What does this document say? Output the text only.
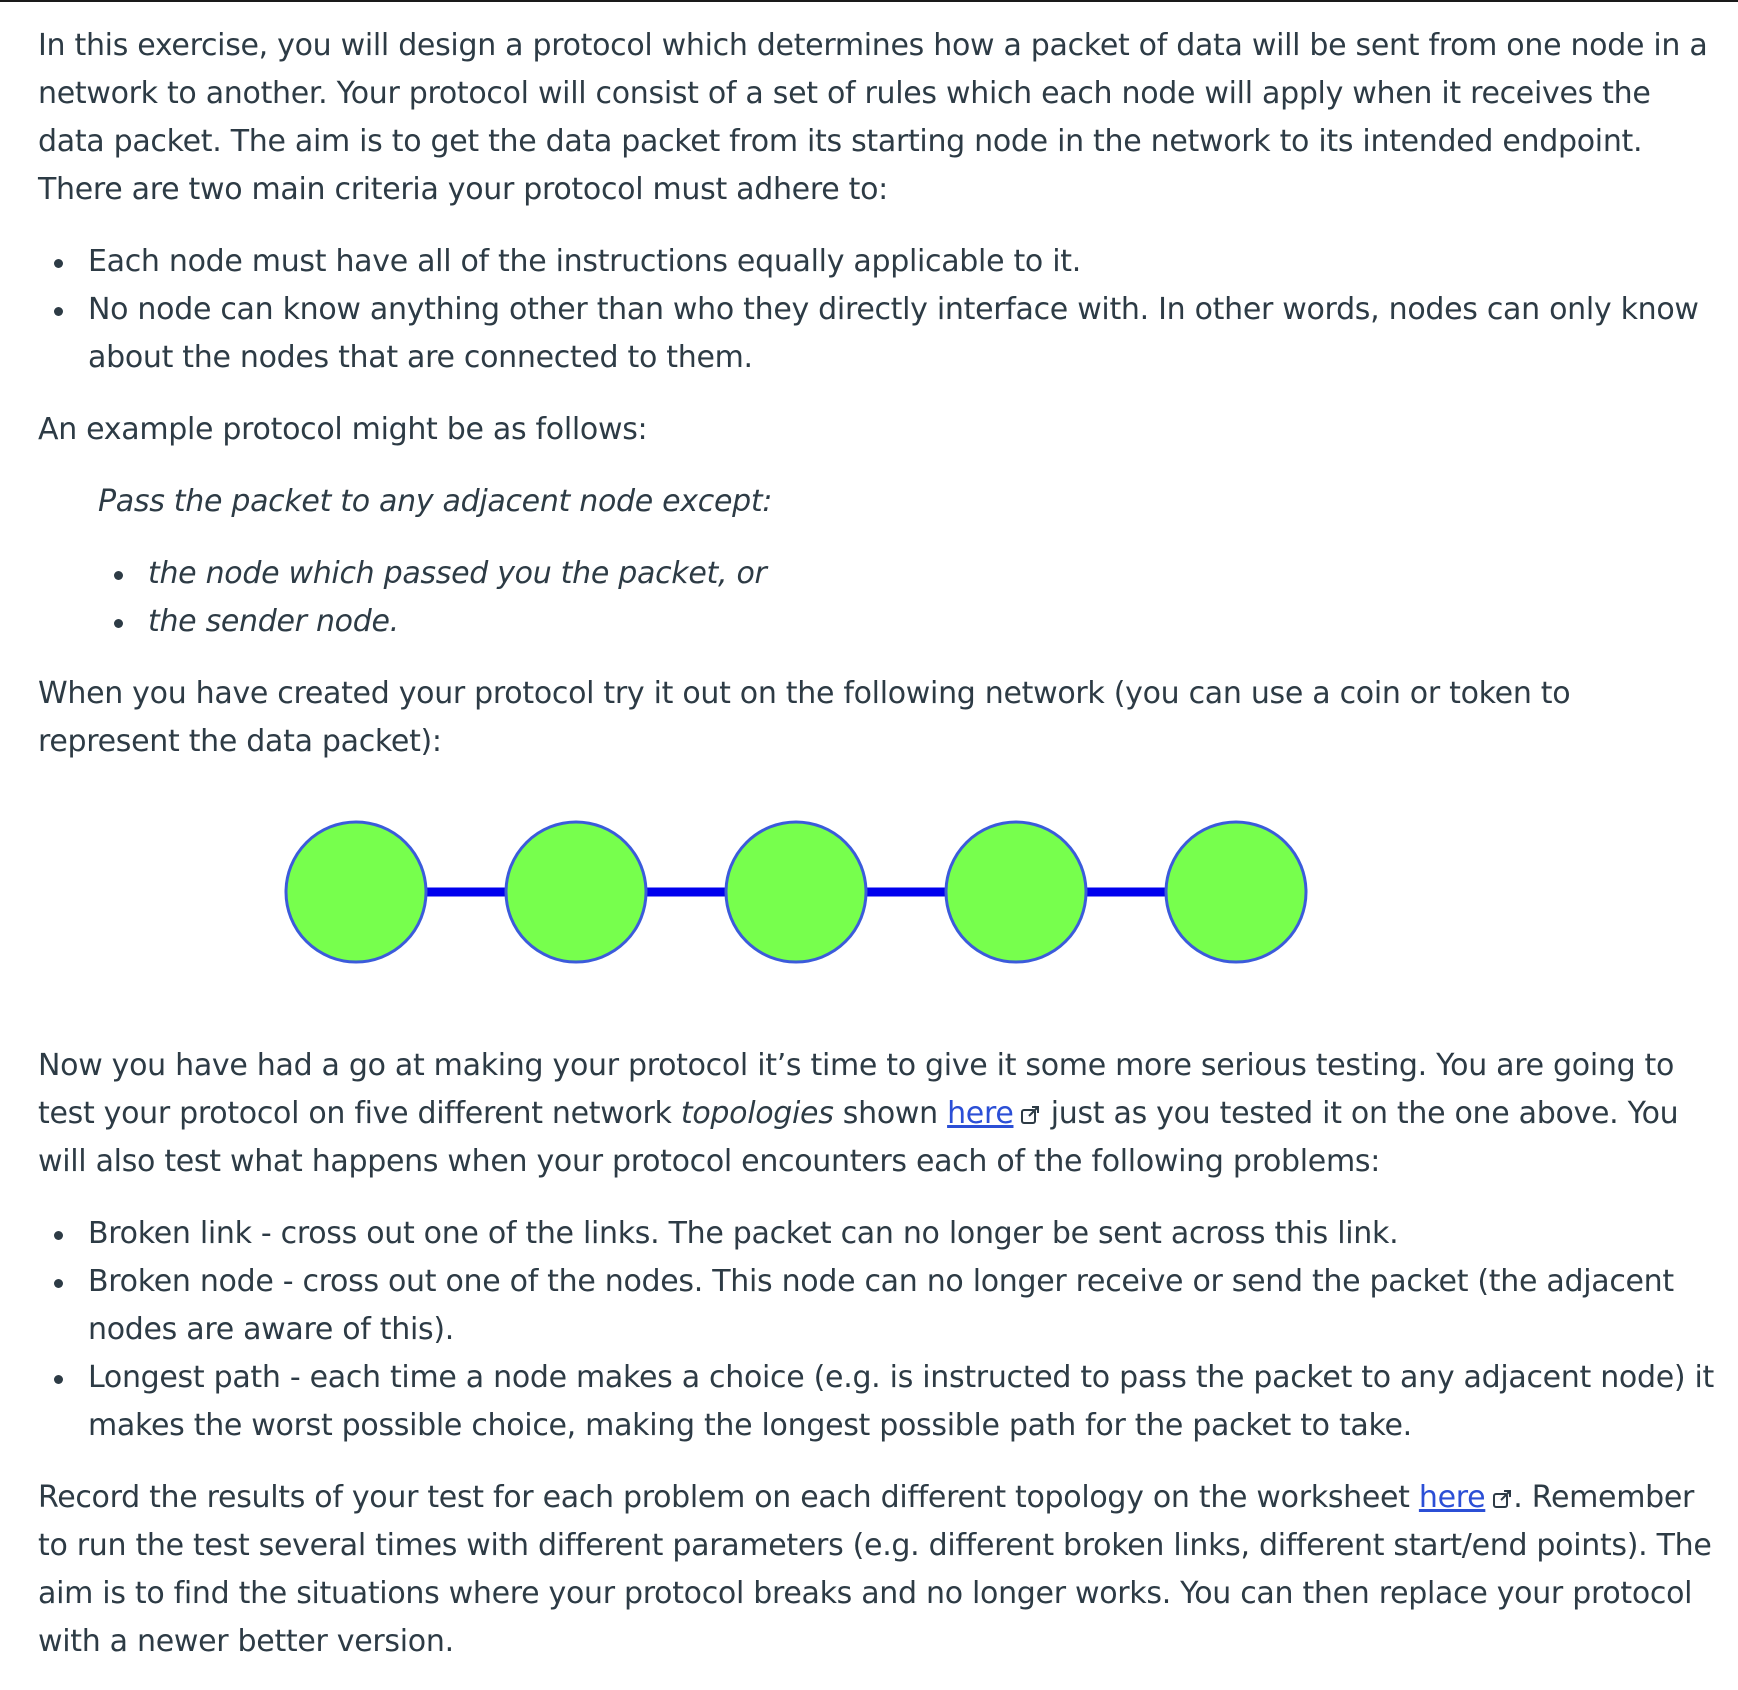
In this exercise, you will design a protocol which determines how a packet of data will be sent from one node in a network to another. Your protocol will consist of a set of rules which each node will apply when it receives the data packet. The aim is to get the data packet from its starting node in the network to its intended endpoint. There are two main criteria your protocol must adhere to:

Each node must have all of the instructions equally applicable to it.
No node can know anything other than who they directly interface with. In other words, nodes can only know about the nodes that are connected to them.

An example protocol might be as follows:

Pass the packet to any adjacent node except:

the node which passed you the packet, or
the sender node.

When you have created your protocol try it out on the following network (you can use a coin or token to represent the data packet):

Now you have had a go at making your protocol it’s time to give it some more serious testing. You are going to test your protocol on five different network topologies shown here just as you tested it on the one above. You will also test what happens when your protocol encounters each of the following problems:

Broken link - cross out one of the links. The packet can no longer be sent across this link.
Broken node - cross out one of the nodes. This node can no longer receive or send the packet (the adjacent nodes are aware of this).
Longest path - each time a node makes a choice (e.g. is instructed to pass the packet to any adjacent node) it makes the worst possible choice, making the longest possible path for the packet to take.

Record the results of your test for each problem on each different topology on the worksheet here . Remember to run the test several times with different parameters (e.g. different broken links, different start/end points). The aim is to find the situations where your protocol breaks and no longer works. You can then replace your protocol with a newer better version.
